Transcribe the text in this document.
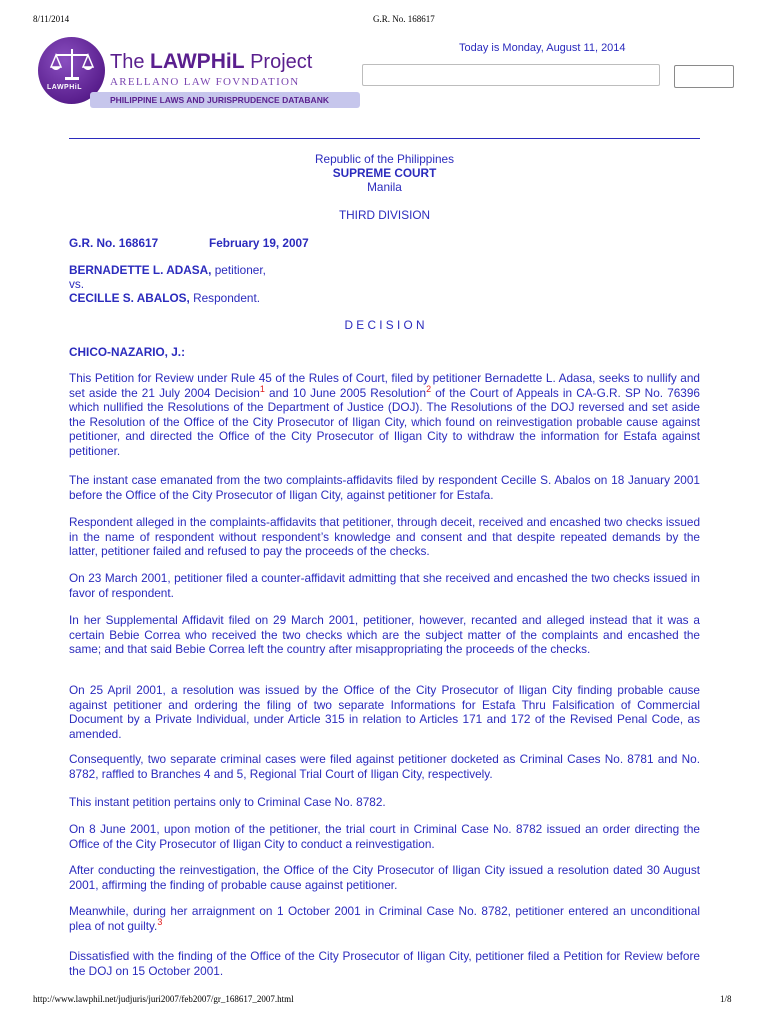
8/11/2014	G.R. No. 168617
LAWPHiL
The LAWPHiL Project
ARELLANO LAW FOVNDATION
PHILIPPINE LAWS AND JURISPRUDENCE DATABANK
Today is Monday, August 11, 2014
Republic of the Philippines
SUPREME COURT
Manila
THIRD DIVISION
G.R. No. 168617	February 19, 2007
BERNADETTE L. ADASA, petitioner,
vs.
CECILLE S. ABALOS, Respondent.
D E C I S I O N
CHICO-NAZARIO, J.:

This Petition for Review under Rule 45 of the Rules of Court, filed by petitioner Bernadette L. Adasa, seeks to nullify and set aside the 21 July 2004 Decision$^1$ and 10 June 2005 Resolution$^2$ of the Court of Appeals in CA-G.R. SP No. 76396 which nullified the Resolutions of the Department of Justice (DOJ). The Resolutions of the DOJ reversed and set aside the Resolution of the Office of the City Prosecutor of Iligan City, which found on reinvestigation probable cause against petitioner, and directed the Office of the City Prosecutor of Iligan City to withdraw the information for Estafa against petitioner.

The instant case emanated from the two complaints-affidavits filed by respondent Cecille S. Abalos on 18 January 2001 before the Office of the City Prosecutor of Iligan City, against petitioner for Estafa.

Respondent alleged in the complaints-affidavits that petitioner, through deceit, received and encashed two checks issued in the name of respondent without respondent’s knowledge and consent and that despite repeated demands by the latter, petitioner failed and refused to pay the proceeds of the checks.

On 23 March 2001, petitioner filed a counter-affidavit admitting that she received and encashed the two checks issued in favor of respondent.

In her Supplemental Affidavit filed on 29 March 2001, petitioner, however, recanted and alleged instead that it was a certain Bebie Correa who received the two checks which are the subject matter of the complaints and encashed the same; and that said Bebie Correa left the country after misappropriating the proceeds of the checks.

On 25 April 2001, a resolution was issued by the Office of the City Prosecutor of Iligan City finding probable cause against petitioner and ordering the filing of two separate Informations for Estafa Thru Falsification of Commercial Document by a Private Individual, under Article 315 in relation to Articles 171 and 172 of the Revised Penal Code, as amended.

Consequently, two separate criminal cases were filed against petitioner docketed as Criminal Cases No. 8781 and No. 8782, raffled to Branches 4 and 5, Regional Trial Court of Iligan City, respectively.

This instant petition pertains only to Criminal Case No. 8782.

On 8 June 2001, upon motion of the petitioner, the trial court in Criminal Case No. 8782 issued an order directing the Office of the City Prosecutor of Iligan City to conduct a reinvestigation.

After conducting the reinvestigation, the Office of the City Prosecutor of Iligan City issued a resolution dated 30 August 2001, affirming the finding of probable cause against petitioner.

Meanwhile, during her arraignment on 1 October 2001 in Criminal Case No. 8782, petitioner entered an unconditional plea of not guilty.$^3$

Dissatisfied with the finding of the Office of the City Prosecutor of Iligan City, petitioner filed a Petition for Review before the DOJ on 15 October 2001.

http://www.lawphil.net/judjuris/juri2007/feb2007/gr_168617_2007.html	1/8
